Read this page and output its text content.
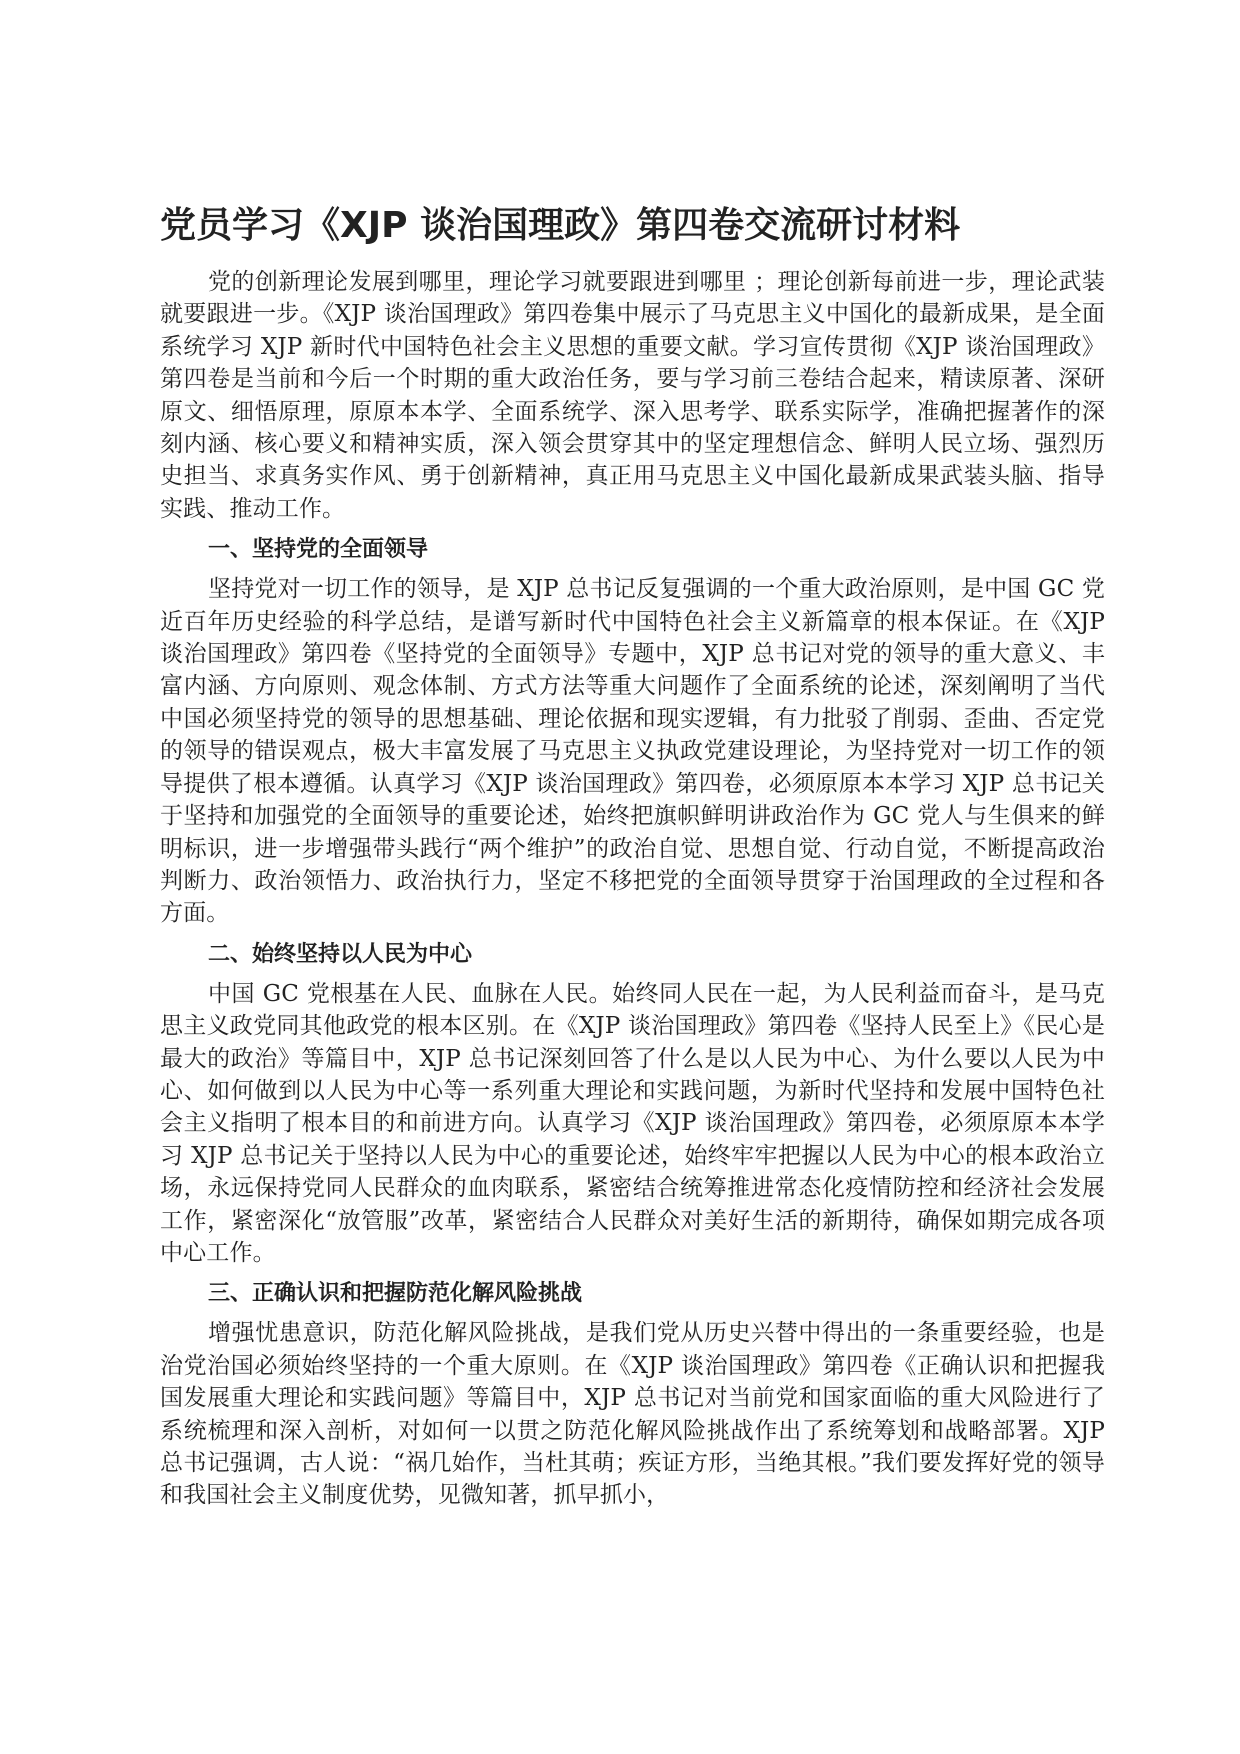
党员学习《XJP 谈治国理政》第四卷交流研讨材料

党的创新理论发展到哪里，理论学习就要跟进到哪里 ；理论创新每前进一步，理论武装就要跟进一步。《XJP 谈治国理政》第四卷集中展示了马克思主义中国化的最新成果，是全面系统学习 XJP 新时代中国特色社会主义思想的重要文献。学习宣传贯彻《XJP 谈治国理政》第四卷是当前和今后一个时期的重大政治任务，要与学习前三卷结合起来，精读原著、深研原文、细悟原理，原原本本学、全面系统学、深入思考学、联系实际学，准确把握著作的深刻内涵、核心要义和精神实质，深入领会贯穿其中的坚定理想信念、鲜明人民立场、强烈历史担当、求真务实作风、勇于创新精神，真正用马克思主义中国化最新成果武装头脑、指导实践、推动工作。

一、坚持党的全面领导

坚持党对一切工作的领导，是 XJP 总书记反复强调的一个重大政治原则，是中国 GC 党近百年历史经验的科学总结，是谱写新时代中国特色社会主义新篇章的根本保证。在《XJP 谈治国理政》第四卷《坚持党的全面领导》专题中，XJP 总书记对党的领导的重大意义、丰富内涵、方向原则、观念体制、方式方法等重大问题作了全面系统的论述，深刻阐明了当代中国必须坚持党的领导的思想基础、理论依据和现实逻辑，有力批驳了削弱、歪曲、否定党的领导的错误观点，极大丰富发展了马克思主义执政党建设理论，为坚持党对一切工作的领导提供了根本遵循。认真学习《XJP 谈治国理政》第四卷，必须原原本本学习 XJP 总书记关于坚持和加强党的全面领导的重要论述，始终把旗帜鲜明讲政治作为 GC 党人与生俱来的鲜明标识，进一步增强带头践行“两个维护”的政治自觉、思想自觉、行动自觉，不断提高政治判断力、政治领悟力、政治执行力，坚定不移把党的全面领导贯穿于治国理政的全过程和各方面。

二、始终坚持以人民为中心

中国 GC 党根基在人民、血脉在人民。始终同人民在一起，为人民利益而奋斗，是马克思主义政党同其他政党的根本区别。在《XJP 谈治国理政》第四卷《坚持人民至上》《民心是最大的政治》等篇目中，XJP 总书记深刻回答了什么是以人民为中心、为什么要以人民为中心、如何做到以人民为中心等一系列重大理论和实践问题，为新时代坚持和发展中国特色社会主义指明了根本目的和前进方向。认真学习《XJP 谈治国理政》第四卷，必须原原本本学习 XJP 总书记关于坚持以人民为中心的重要论述，始终牢牢把握以人民为中心的根本政治立场，永远保持党同人民群众的血肉联系，紧密结合统筹推进常态化疫情防控和经济社会发展工作，紧密深化“放管服”改革，紧密结合人民群众对美好生活的新期待，确保如期完成各项中心工作。

三、正确认识和把握防范化解风险挑战

增强忧患意识，防范化解风险挑战，是我们党从历史兴替中得出的一条重要经验，也是治党治国必须始终坚持的一个重大原则。在《XJP 谈治国理政》第四卷《正确认识和把握我国发展重大理论和实践问题》等篇目中，XJP 总书记对当前党和国家面临的重大风险进行了系统梳理和深入剖析，对如何一以贯之防范化解风险挑战作出了系统筹划和战略部署。XJP 总书记强调，古人说：“祸几始作，当杜其萌；疾证方形，当绝其根。”我们要发挥好党的领导和我国社会主义制度优势，见微知著，抓早抓小，
